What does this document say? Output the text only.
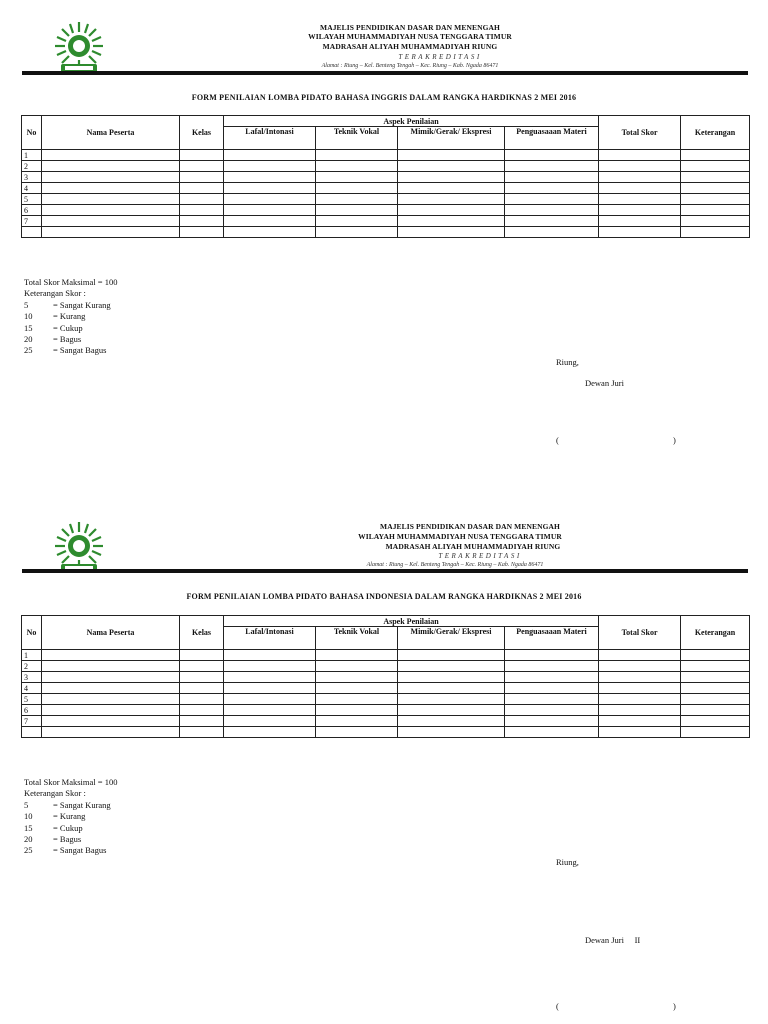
MAJELIS PENDIDIKAN DASAR DAN MENENGAH
WILAYAH MUHAMMADIYAH NUSA TENGGARA TIMUR
MADRASAH ALIYAH MUHAMMADIYAH RIUNG
TERAKREDITASI
Alamat : Riung – Kel. Benteng Tengah – Kec. Riung – Kab. Ngada 86471
FORM PENILAIAN LOMBA PIDATO BAHASA INGGRIS DALAM RANGKA HARDIKNAS 2 MEI 2016
No	Nama Peserta	Kelas	Aspek Penilaian				Total Skor	Keterangan
			Lafal/Intonasi	Teknik Vokal	Mimik/Gerak/ Ekspresi	Penguasaaan Materi		
1								
2								
3								
4								
5								
6								
7								

Total Skor Maksimal = 100
Keterangan Skor :
5	= Sangat Kurang
10 = Kurang
15 = Cukup
20 = Bagus
25 = Sangat Bagus
Riung,
Dewan Juri
(	)
MAJELIS PENDIDIKAN DASAR DAN MENENGAH
WILAYAH MUHAMMADIYAH NUSA TENGGARA TIMUR
MADRASAH ALIYAH MUHAMMADIYAH RIUNG
TERAKREDITASI
Alamat : Riung – Kel. Benteng Tengah – Kec. Riung – Kab. Ngada 86471
FORM PENILAIAN LOMBA PIDATO BAHASA INDONESIA DALAM RANGKA HARDIKNAS 2 MEI 2016
No	Nama Peserta	Kelas	Aspek Penilaian				Total Skor	Keterangan
			Lafal/Intonasi	Teknik Vokal	Mimik/Gerak/ Ekspresi	Penguasaaan Materi		
1								
2								
3								
4								
5								
6								
7								

Total Skor Maksimal = 100
Keterangan Skor :
5	= Sangat Kurang
10 = Kurang
15 = Cukup
20 = Bagus
25 = Sangat Bagus
Riung,
Dewan Juri     II
(	)
